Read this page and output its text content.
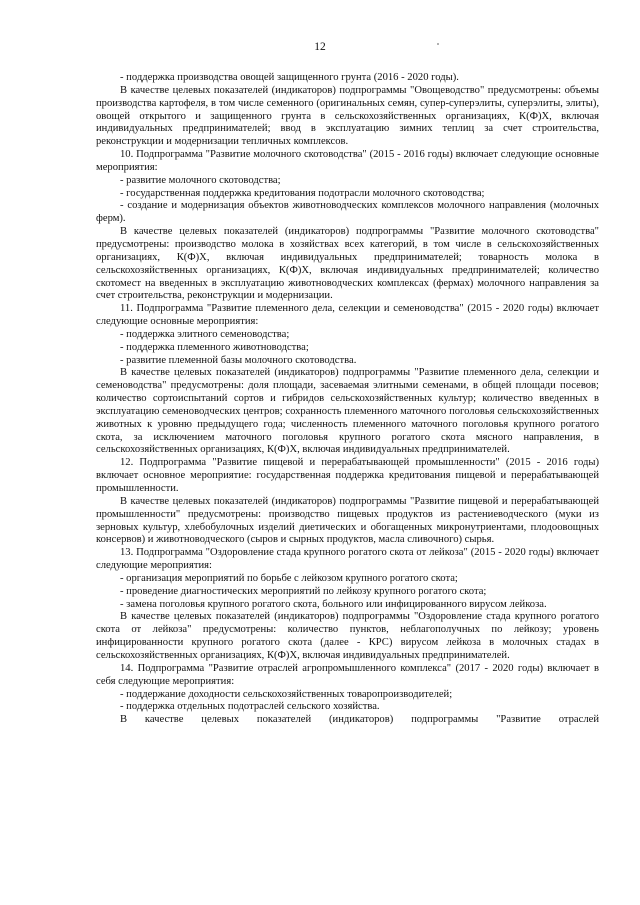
12

- поддержка производства овощей защищенного грунта (2016 - 2020 годы).

В качестве целевых показателей (индикаторов) подпрограммы "Овощеводство" предусмотрены: объемы производства картофеля, в том числе семенного (оригинальных семян, супер-суперэлиты, суперэлиты, элиты), овощей открытого и защищенного грунта в сельскохозяйственных организациях, К(Ф)Х, включая индивидуальных предпринимателей; ввод в эксплуатацию зимних теплиц за счет строительства, реконструкции и модернизации тепличных комплексов.

10. Подпрограмма "Развитие молочного скотоводства" (2015 - 2016 годы) включает следующие основные мероприятия:

- развитие молочного скотоводства;

- государственная поддержка кредитования подотрасли молочного скотоводства;

- создание и модернизация объектов животноводческих комплексов молочного направления (молочных ферм).

В качестве целевых показателей (индикаторов) подпрограммы "Развитие молочного скотоводства" предусмотрены: производство молока в хозяйствах всех категорий, в том числе в сельскохозяйственных организациях, К(Ф)Х, включая индивидуальных предпринимателей; товарность молока в сельскохозяйственных организациях, К(Ф)Х, включая индивидуальных предпринимателей; количество скотомест на введенных в эксплуатацию животноводческих комплексах (фермах) молочного направления за счет строительства, реконструкции и модернизации.

11. Подпрограмма "Развитие племенного дела, селекции и семеноводства" (2015 - 2020 годы) включает следующие основные мероприятия:

- поддержка элитного семеноводства;

- поддержка племенного животноводства;

- развитие племенной базы молочного скотоводства.

В качестве целевых показателей (индикаторов) подпрограммы "Развитие племенного дела, селекции и семеноводства" предусмотрены: доля площади, засеваемая элитными семенами, в общей площади посевов; количество сортоиспытаний сортов и гибридов сельскохозяйственных культур; количество введенных в эксплуатацию семеноводческих центров; сохранность племенного маточного поголовья сельскохозяйственных животных к уровню предыдущего года; численность племенного маточного поголовья крупного рогатого скота, за исключением маточного поголовья крупного рогатого скота мясного направления, в сельскохозяйственных организациях, К(Ф)Х, включая индивидуальных предпринимателей.

12. Подпрограмма "Развитие пищевой и перерабатывающей промышленности" (2015 - 2016 годы) включает основное мероприятие: государственная поддержка кредитования пищевой и перерабатывающей промышленности.

В качестве целевых показателей (индикаторов) подпрограммы "Развитие пищевой и перерабатывающей промышленности" предусмотрены: производство пищевых продуктов из растениеводческого (муки из зерновых культур, хлебобулочных изделий диетических и обогащенных микронутриентами, плодоовощных консервов) и животноводческого (сыров и сырных продуктов, масла сливочного) сырья.

13. Подпрограмма "Оздоровление стада крупного рогатого скота от лейкоза" (2015 - 2020 годы) включает следующие мероприятия:

- организация мероприятий по борьбе с лейкозом крупного рогатого скота;

- проведение диагностических мероприятий по лейкозу крупного рогатого скота;

- замена поголовья крупного рогатого скота, больного или инфицированного вирусом лейкоза.

В качестве целевых показателей (индикаторов) подпрограммы "Оздоровление стада крупного рогатого скота от лейкоза" предусмотрены: количество пунктов, неблагополучных по лейкозу; уровень инфицированности крупного рогатого скота (далее - КРС) вирусом лейкоза в молочных стадах в сельскохозяйственных организациях, К(Ф)Х, включая индивидуальных предпринимателей.

14. Подпрограмма "Развитие отраслей агропромышленного комплекса" (2017 - 2020 годы) включает в себя следующие мероприятия:

- поддержание доходности сельскохозяйственных товаропроизводителей;

- поддержка отдельных подотраслей сельского хозяйства.

В качестве целевых показателей (индикаторов) подпрограммы "Развитие отраслей
